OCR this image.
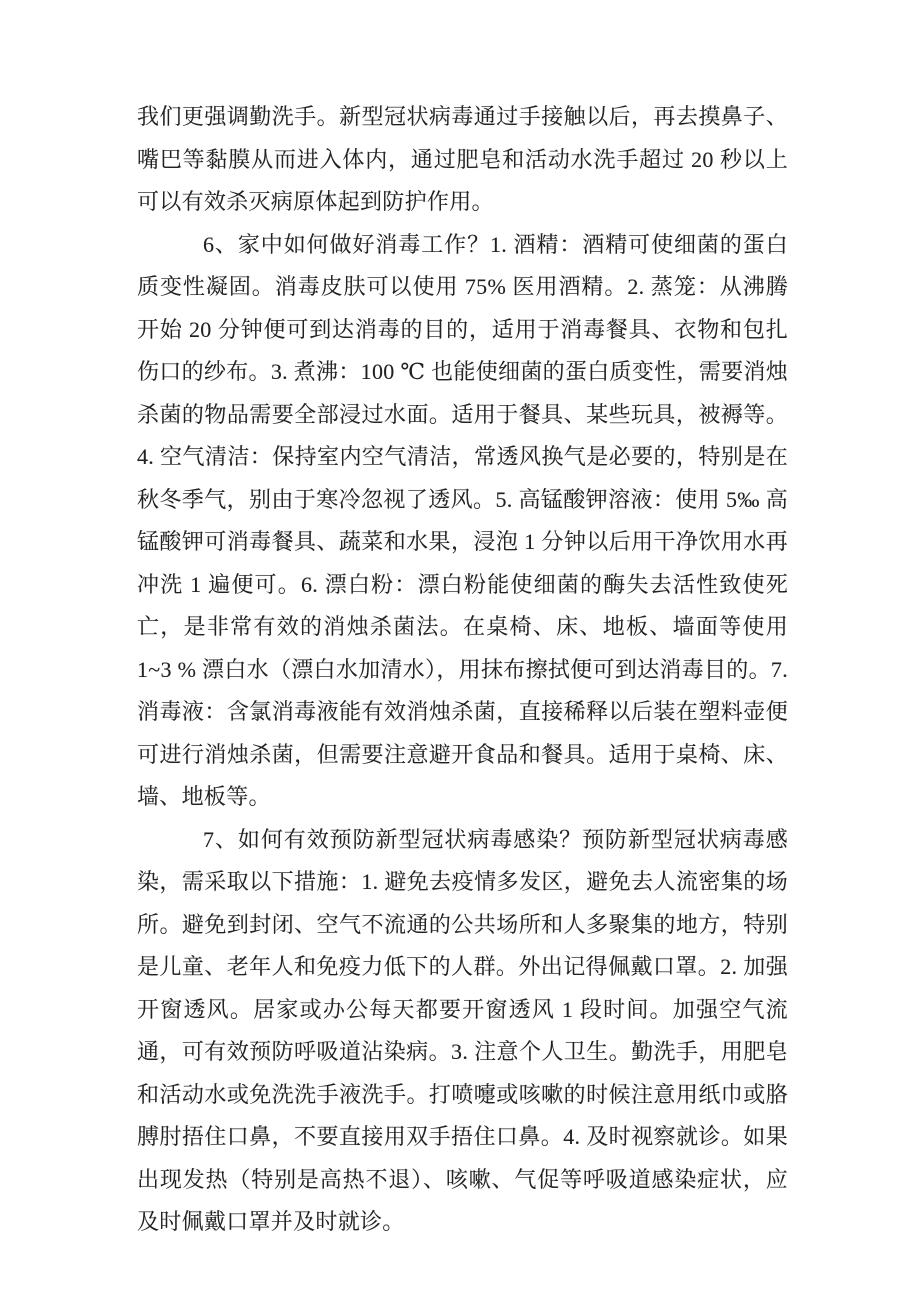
我们更强调勤洗手。新型冠状病毒通过手接触以后，再去摸鼻子、嘴巴等黏膜从而进入体内，通过肥皂和活动水洗手超过 20 秒以上可以有效杀灭病原体起到防护作用。

6、家中如何做好消毒工作？1. 酒精：酒精可使细菌的蛋白质变性凝固。消毒皮肤可以使用 75% 医用酒精。2. 蒸笼：从沸腾开始 20 分钟便可到达消毒的目的，适用于消毒餐具、衣物和包扎伤口的纱布。3. 煮沸：100 ℃ 也能使细菌的蛋白质变性，需要消烛杀菌的物品需要全部浸过水面。适用于餐具、某些玩具，被褥等。4. 空气清洁：保持室内空气清洁，常透风换气是必要的，特别是在秋冬季气，别由于寒冷忽视了透风。5. 高锰酸钾溶液：使用 5‰ 高锰酸钾可消毒餐具、蔬菜和水果，浸泡 1 分钟以后用干净饮用水再冲洗 1 遍便可。6. 漂白粉：漂白粉能使细菌的酶失去活性致使死亡，是非常有效的消烛杀菌法。在桌椅、床、地板、墙面等使用 1~3 % 漂白水（漂白水加清水），用抹布擦拭便可到达消毒目的。7. 消毒液：含氯消毒液能有效消烛杀菌，直接稀释以后装在塑料壶便可进行消烛杀菌，但需要注意避开食品和餐具。适用于桌椅、床、墙、地板等。

7、如何有效预防新型冠状病毒感染？预防新型冠状病毒感染，需采取以下措施：1. 避免去疫情多发区，避免去人流密集的场所。避免到封闭、空气不流通的公共场所和人多聚集的地方，特别是儿童、老年人和免疫力低下的人群。外出记得佩戴口罩。2. 加强开窗透风。居家或办公每天都要开窗透风 1 段时间。加强空气流通，可有效预防呼吸道沾染病。3. 注意个人卫生。勤洗手，用肥皂和活动水或免洗洗手液洗手。打喷嚏或咳嗽的时候注意用纸巾或胳膊肘捂住口鼻，不要直接用双手捂住口鼻。4. 及时视察就诊。如果出现发热（特别是高热不退）、咳嗽、气促等呼吸道感染症状，应及时佩戴口罩并及时就诊。
